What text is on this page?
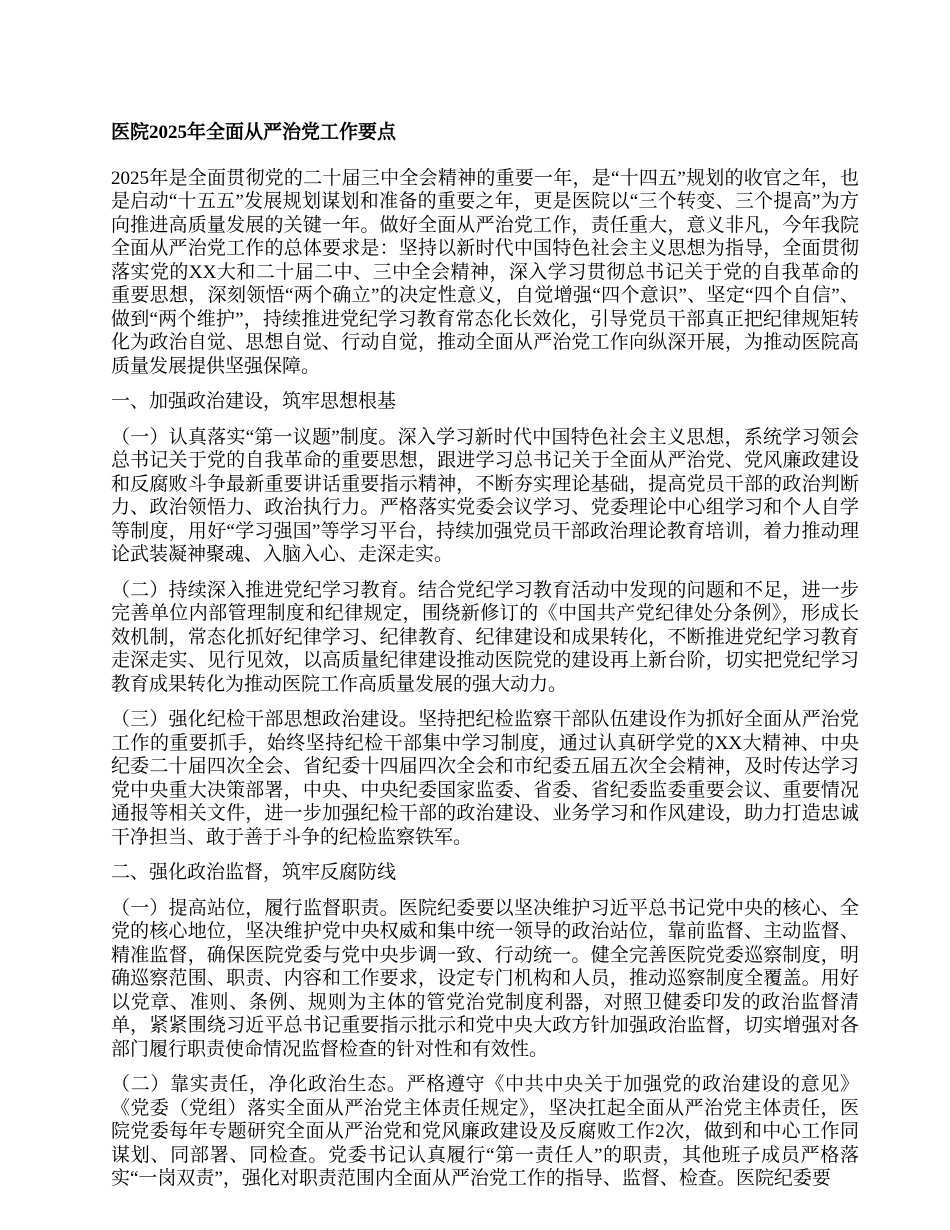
医院2025年全面从严治党工作要点

2025年是全面贯彻党的二十届三中全会精神的重要一年，是“十四五”规划的收官之年，也是启动“十五五”发展规划谋划和准备的重要之年，更是医院以“三个转变、三个提高”为方向推进高质量发展的关键一年。做好全面从严治党工作，责任重大，意义非凡，今年我院全面从严治党工作的总体要求是：坚持以新时代中国特色社会主义思想为指导，全面贯彻落实党的XX大和二十届二中、三中全会精神，深入学习贯彻总书记关于党的自我革命的重要思想，深刻领悟“两个确立”的决定性意义，自觉增强“四个意识”、坚定“四个自信”、做到“两个维护”，持续推进党纪学习教育常态化长效化，引导党员干部真正把纪律规矩转化为政治自觉、思想自觉、行动自觉，推动全面从严治党工作向纵深开展，为推动医院高质量发展提供坚强保障。

一、加强政治建设，筑牢思想根基

（一）认真落实“第一议题”制度。深入学习新时代中国特色社会主义思想，系统学习领会总书记关于党的自我革命的重要思想，跟进学习总书记关于全面从严治党、党风廉政建设和反腐败斗争最新重要讲话重要指示精神，不断夯实理论基础，提高党员干部的政治判断力、政治领悟力、政治执行力。严格落实党委会议学习、党委理论中心组学习和个人自学等制度，用好“学习强国”等学习平台，持续加强党员干部政治理论教育培训，着力推动理论武装凝神聚魂、入脑入心、走深走实。

（二）持续深入推进党纪学习教育。结合党纪学习教育活动中发现的问题和不足，进一步完善单位内部管理制度和纪律规定，围绕新修订的《中国共产党纪律处分条例》，形成长效机制，常态化抓好纪律学习、纪律教育、纪律建设和成果转化，不断推进党纪学习教育走深走实、见行见效，以高质量纪律建设推动医院党的建设再上新台阶，切实把党纪学习教育成果转化为推动医院工作高质量发展的强大动力。

（三）强化纪检干部思想政治建设。坚持把纪检监察干部队伍建设作为抓好全面从严治党工作的重要抓手，始终坚持纪检干部集中学习制度，通过认真研学党的XX大精神、中央纪委二十届四次全会、省纪委十四届四次全会和市纪委五届五次全会精神，及时传达学习党中央重大决策部署，中央、中央纪委国家监委、省委、省纪委监委重要会议、重要情况通报等相关文件，进一步加强纪检干部的政治建设、业务学习和作风建设，助力打造忠诚干净担当、敢于善于斗争的纪检监察铁军。

二、强化政治监督，筑牢反腐防线

（一）提高站位，履行监督职责。医院纪委要以坚决维护习近平总书记党中央的核心、全党的核心地位，坚决维护党中央权威和集中统一领导的政治站位，靠前监督、主动监督、精准监督，确保医院党委与党中央步调一致、行动统一。健全完善医院党委巡察制度，明确巡察范围、职责、内容和工作要求，设定专门机构和人员，推动巡察制度全覆盖。用好以党章、准则、条例、规则为主体的管党治党制度利器，对照卫健委印发的政治监督清单，紧紧围绕习近平总书记重要指示批示和党中央大政方针加强政治监督，切实增强对各部门履行职责使命情况监督检查的针对性和有效性。

（二）靠实责任，净化政治生态。严格遵守《中共中央关于加强党的政治建设的意见》《党委（党组）落实全面从严治党主体责任规定》，坚决扛起全面从严治党主体责任，医院党委每年专题研究全面从严治党和党风廉政建设及反腐败工作2次，做到和中心工作同谋划、同部署、同检查。党委书记认真履行“第一责任人”的职责，其他班子成员严格落实“一岗双责”，强化对职责范围内全面从严治党工作的指导、监督、检查。医院纪委要
